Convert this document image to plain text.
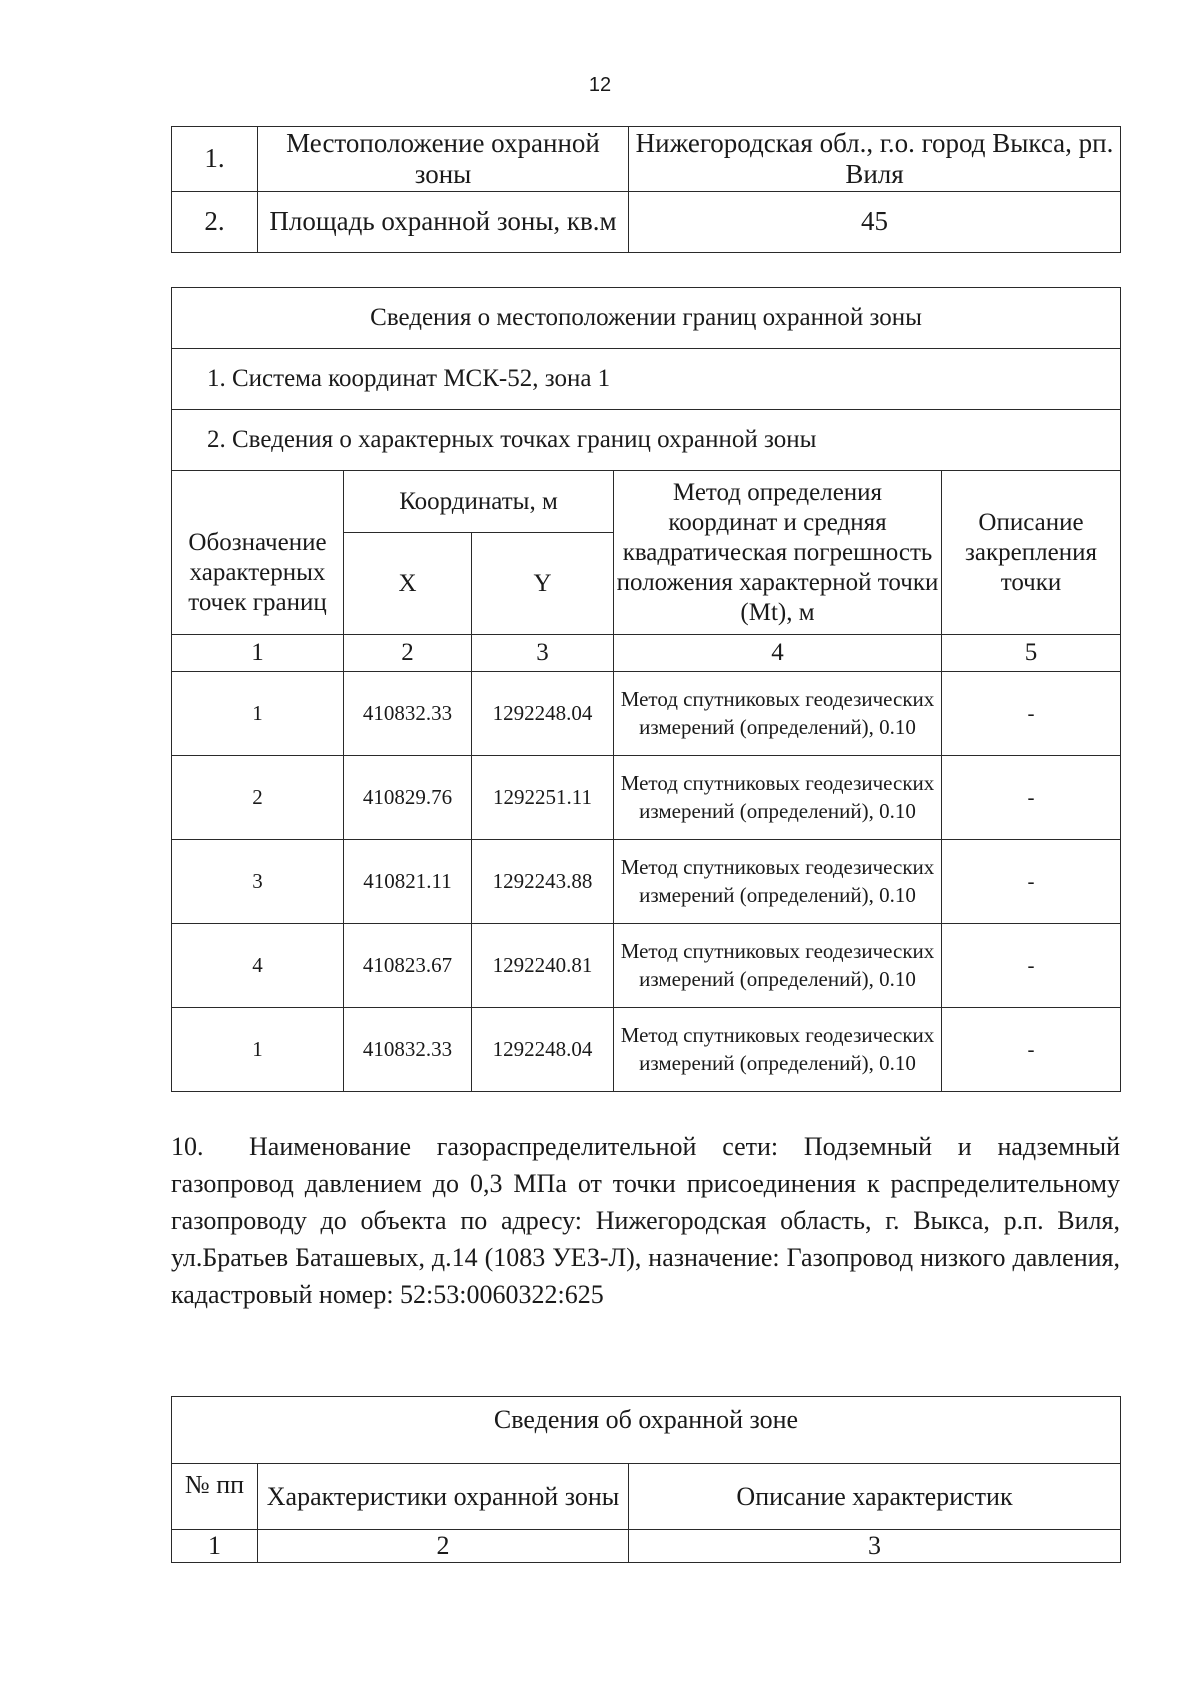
12
1.	Местоположение охранной зоны	Нижегородская обл., г.о. город Выкса, рп. Виля
2.	Площадь охранной зоны, кв.м	45
Сведения о местоположении границ охранной зоны				
1. Система координат МСК-52, зона 1				
2. Сведения о характерных точках границ охранной зоны				
Обозначение характерных точек границ	Координаты, м		Метод определения координат и средняя квадратическая погрешность положения характерной точки (Mt), м	Описание закрепления точки
	X	Y		
1	2	3	4	5
1	410832.33	1292248.04	Метод спутниковых геодезических измерений (определений), 0.10	-
2	410829.76	1292251.11	Метод спутниковых геодезических измерений (определений), 0.10	-
3	410821.11	1292243.88	Метод спутниковых геодезических измерений (определений), 0.10	-
4	410823.67	1292240.81	Метод спутниковых геодезических измерений (определений), 0.10	-
1	410832.33	1292248.04	Метод спутниковых геодезических измерений (определений), 0.10	-

10. Наименование газораспределительной сети: Подземный и надземный газопровод давлением до 0,3 МПа от точки присоединения к распределительному газопроводу до объекта по адресу: Нижегородская область, г. Выкса, р.п. Виля, ул.Братьев Баташевых, д.14 (1083 УЕЗ-Л), назначение: Газопровод низкого давления, кадастровый номер: 52:53:0060322:625

Сведения об охранной зоне		
№ пп	Характеристики охранной зоны	Описание характеристик
1	2	3
